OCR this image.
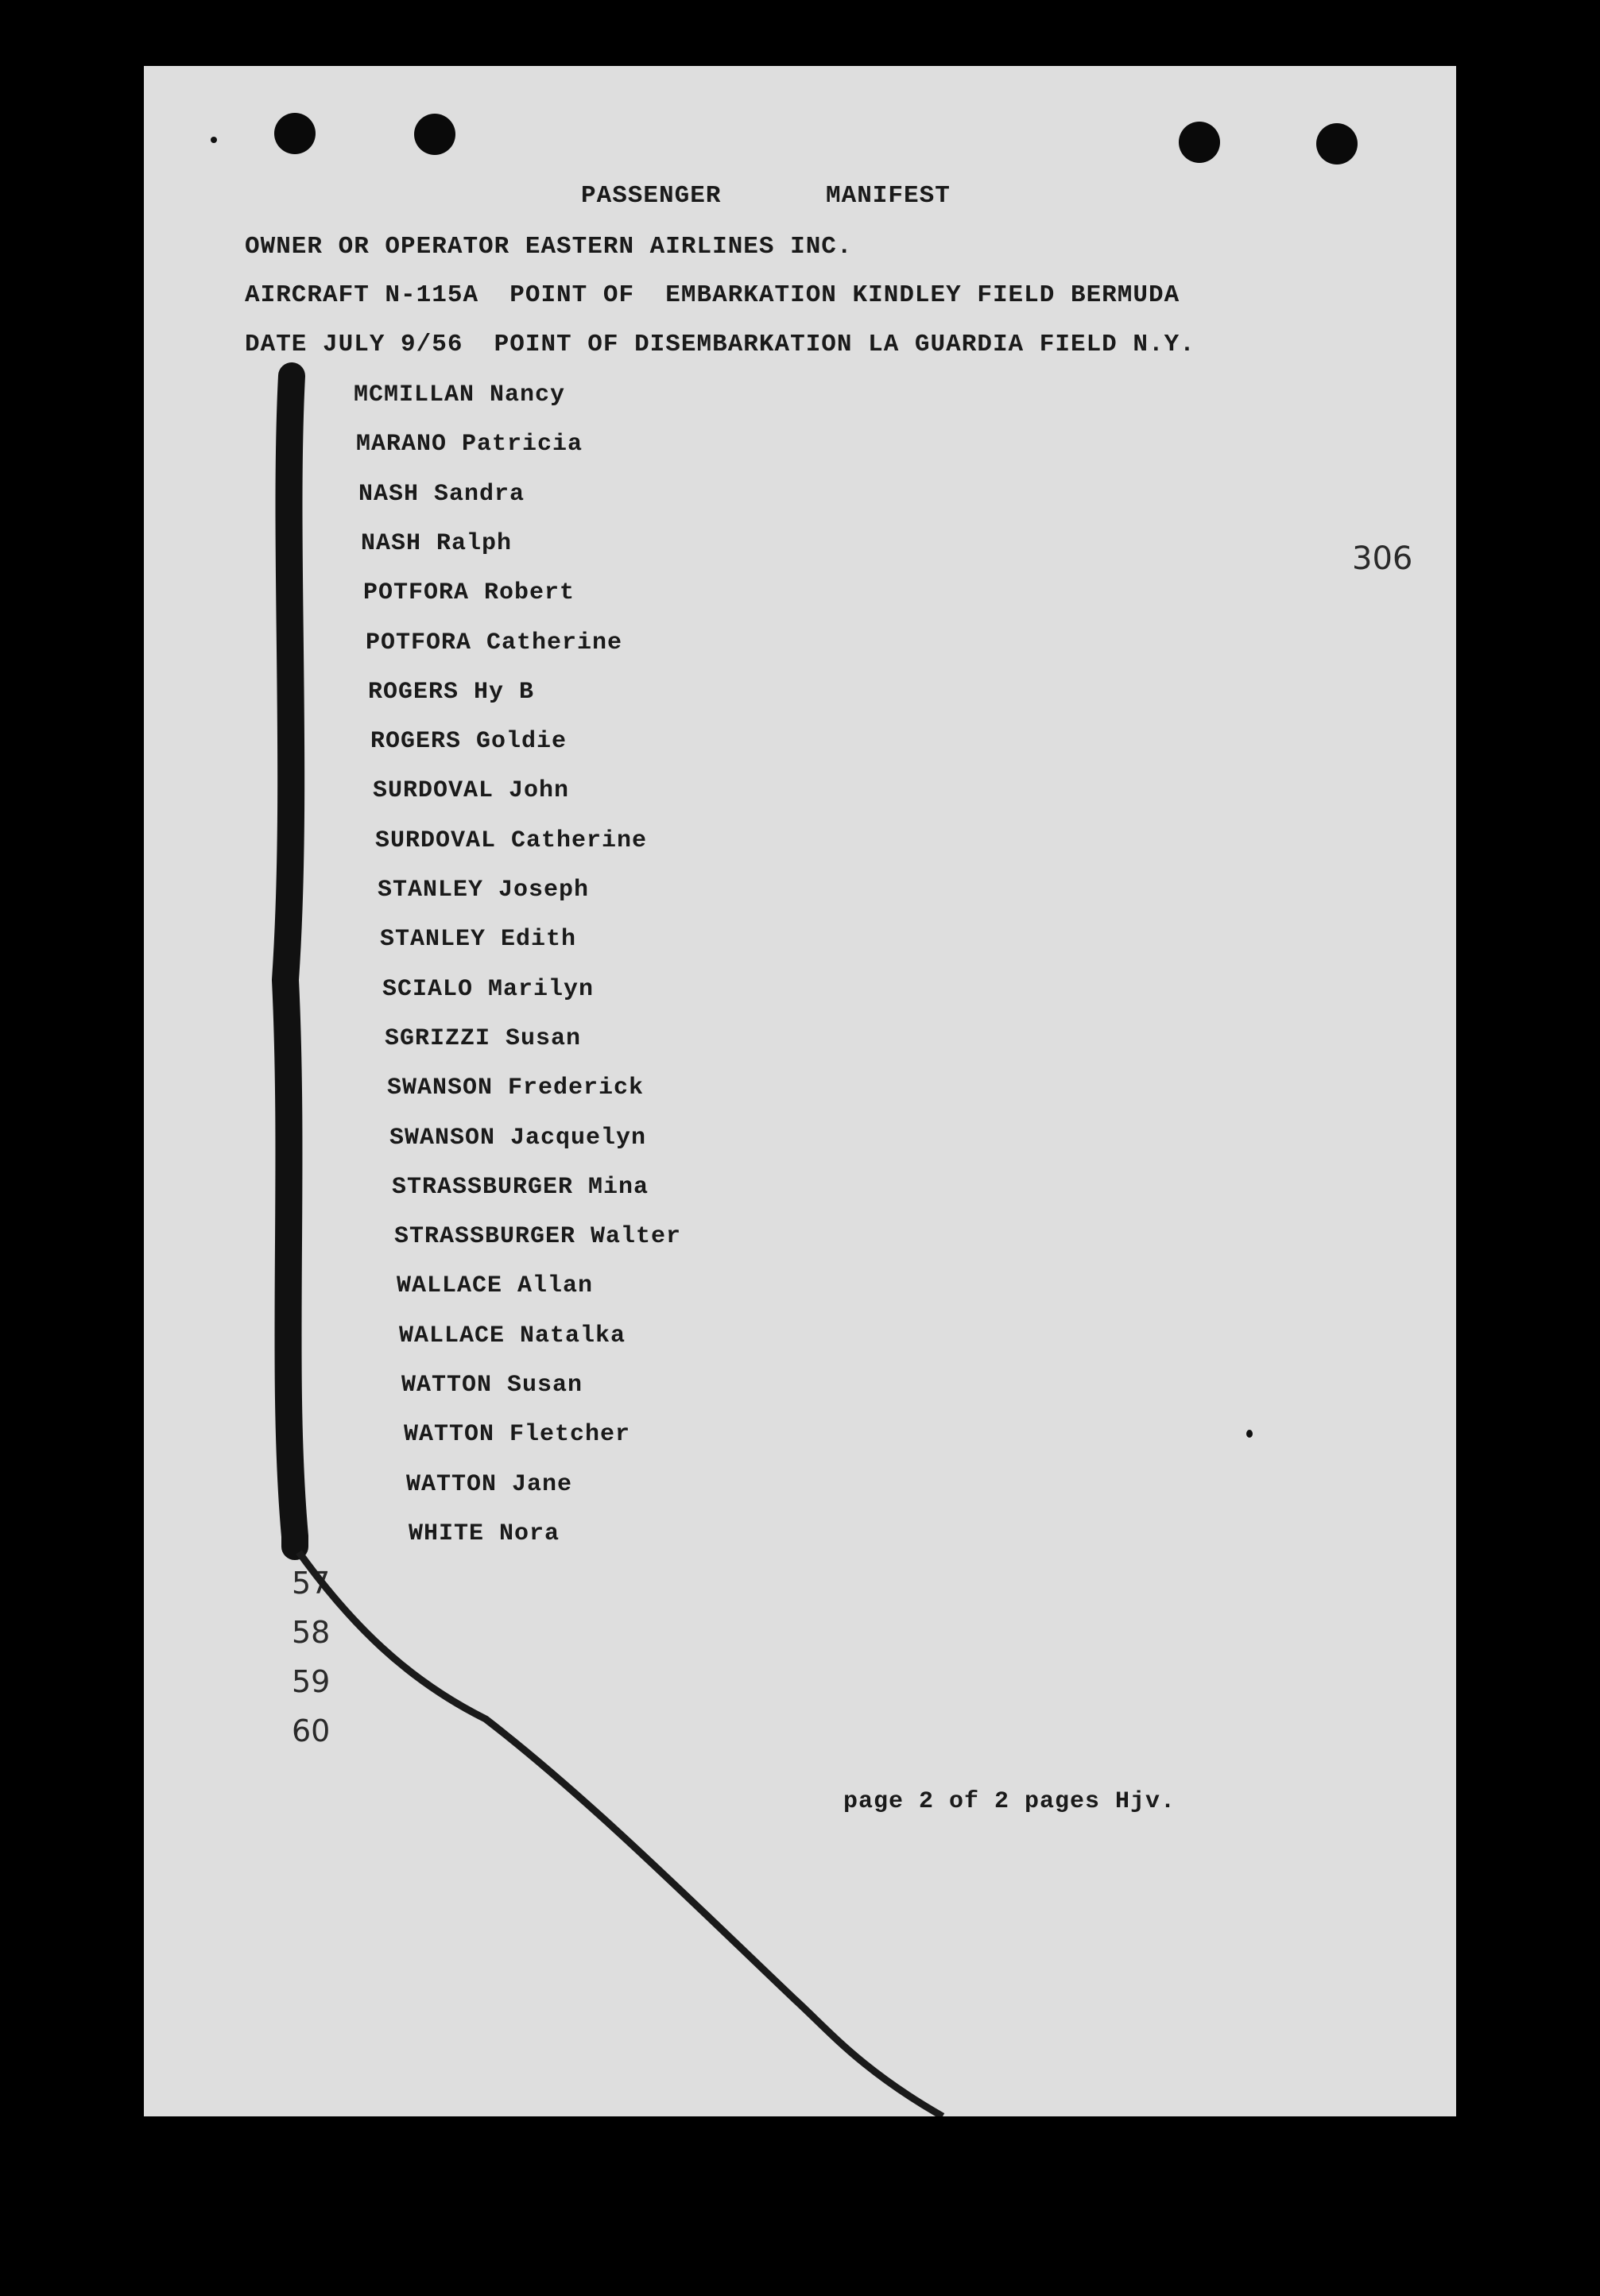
PASSENGER	MANIFEST
OWNER OR OPERATOR EASTERN AIRLINES INC.
AIRCRAFT N-115A  POINT OF  EMBARKATION KINDLEY FIELD BERMUDA
DATE JULY 9/56  POINT OF DISEMBARKATION LA GUARDIA FIELD N.Y.
306
MCMILLAN Nancy
MARANO Patricia
NASH Sandra
NASH Ralph
POTFORA Robert
POTFORA Catherine
ROGERS Hy B
ROGERS Goldie
SURDOVAL John
SURDOVAL Catherine
STANLEY Joseph
STANLEY Edith
SCIALO Marilyn
SGRIZZI Susan
SWANSON Frederick
SWANSON Jacquelyn
STRASSBURGER Mina
STRASSBURGER Walter
WALLACE Allan
WALLACE Natalka
WATTON Susan
WATTON Fletcher
WATTON Jane
WHITE Nora
57
58
59
60
page 2 of 2 pages Hjv.
